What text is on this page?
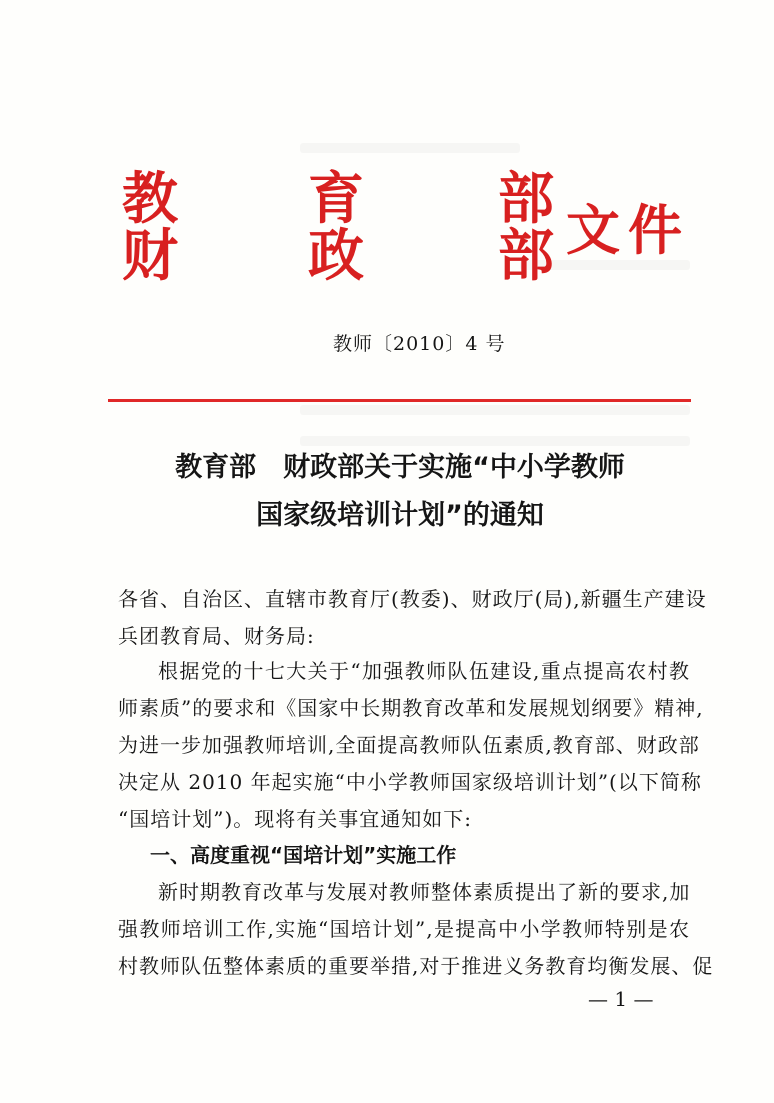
教 育 部
财 政 部 文件
教师〔2010〕4 号
教育部　财政部关于实施“中小学教师
国家级培训计划”的通知
各省、自治区、直辖市教育厅(教委)、财政厅(局),新疆生产建设
兵团教育局、财务局:
根据党的十七大关于“加强教师队伍建设,重点提高农村教
师素质”的要求和《国家中长期教育改革和发展规划纲要》精神,
为进一步加强教师培训,全面提高教师队伍素质,教育部、财政部
决定从 2010 年起实施“中小学教师国家级培训计划”(以下简称
“国培计划”)。现将有关事宜通知如下:
一、高度重视“国培计划”实施工作
新时期教育改革与发展对教师整体素质提出了新的要求,加
强教师培训工作,实施“国培计划”,是提高中小学教师特别是农
村教师队伍整体素质的重要举措,对于推进义务教育均衡发展、促
— 1 —
